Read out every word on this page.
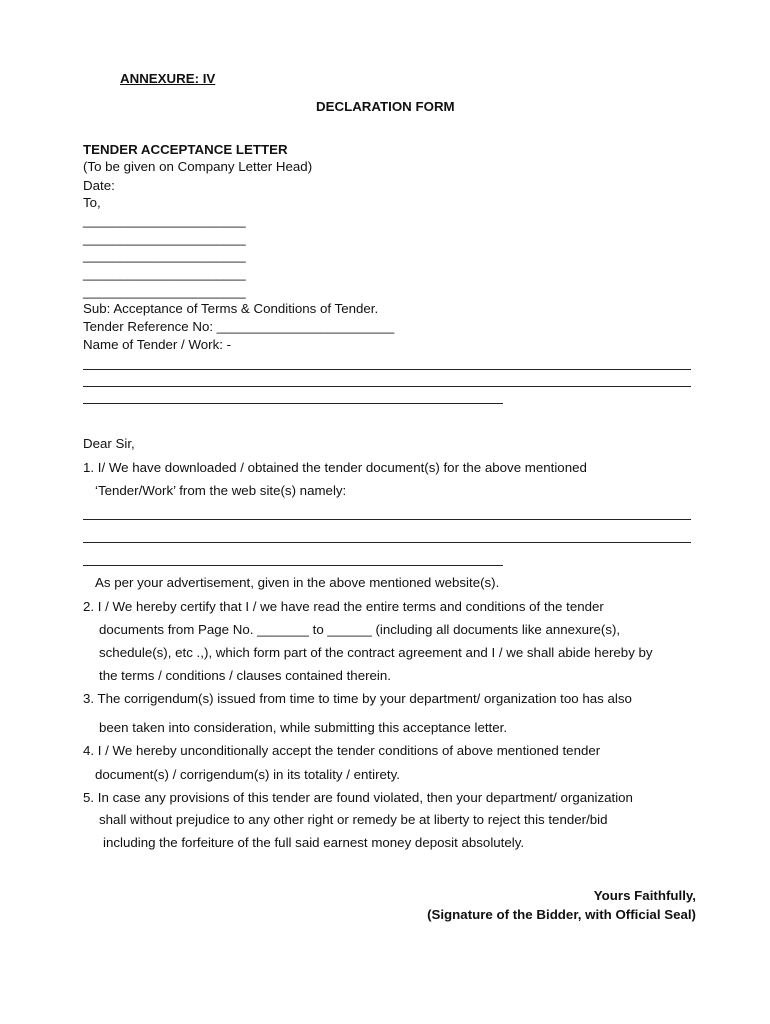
ANNEXURE: IV
DECLARATION FORM
TENDER ACCEPTANCE LETTER
(To be given on Company Letter Head)
Date:
To,
______________________
______________________
______________________
______________________
______________________
Sub: Acceptance of Terms & Conditions of Tender.
Tender Reference No: ________________________
Name of Tender / Work: -
Dear Sir,
1. I/ We have downloaded / obtained the tender document(s) for the above mentioned
‘Tender/Work’ from the web site(s) namely:
As per your advertisement, given in the above mentioned website(s).
2. I / We hereby certify that I / we have read the entire terms and conditions of the tender
documents from Page No. _______ to ______ (including all documents like annexure(s),
schedule(s), etc .,), which form part of the contract agreement and I / we shall abide hereby by
the terms / conditions / clauses contained therein.
3. The corrigendum(s) issued from time to time by your department/ organization too has also
been taken into consideration, while submitting this acceptance letter.
4. I / We hereby unconditionally accept the tender conditions of above mentioned tender
document(s) / corrigendum(s) in its totality / entirety.
5. In case any provisions of this tender are found violated, then your department/ organization
shall without prejudice to any other right or remedy be at liberty to reject this tender/bid
including the forfeiture of the full said earnest money deposit absolutely.
Yours Faithfully,
(Signature of the Bidder, with Official Seal)
